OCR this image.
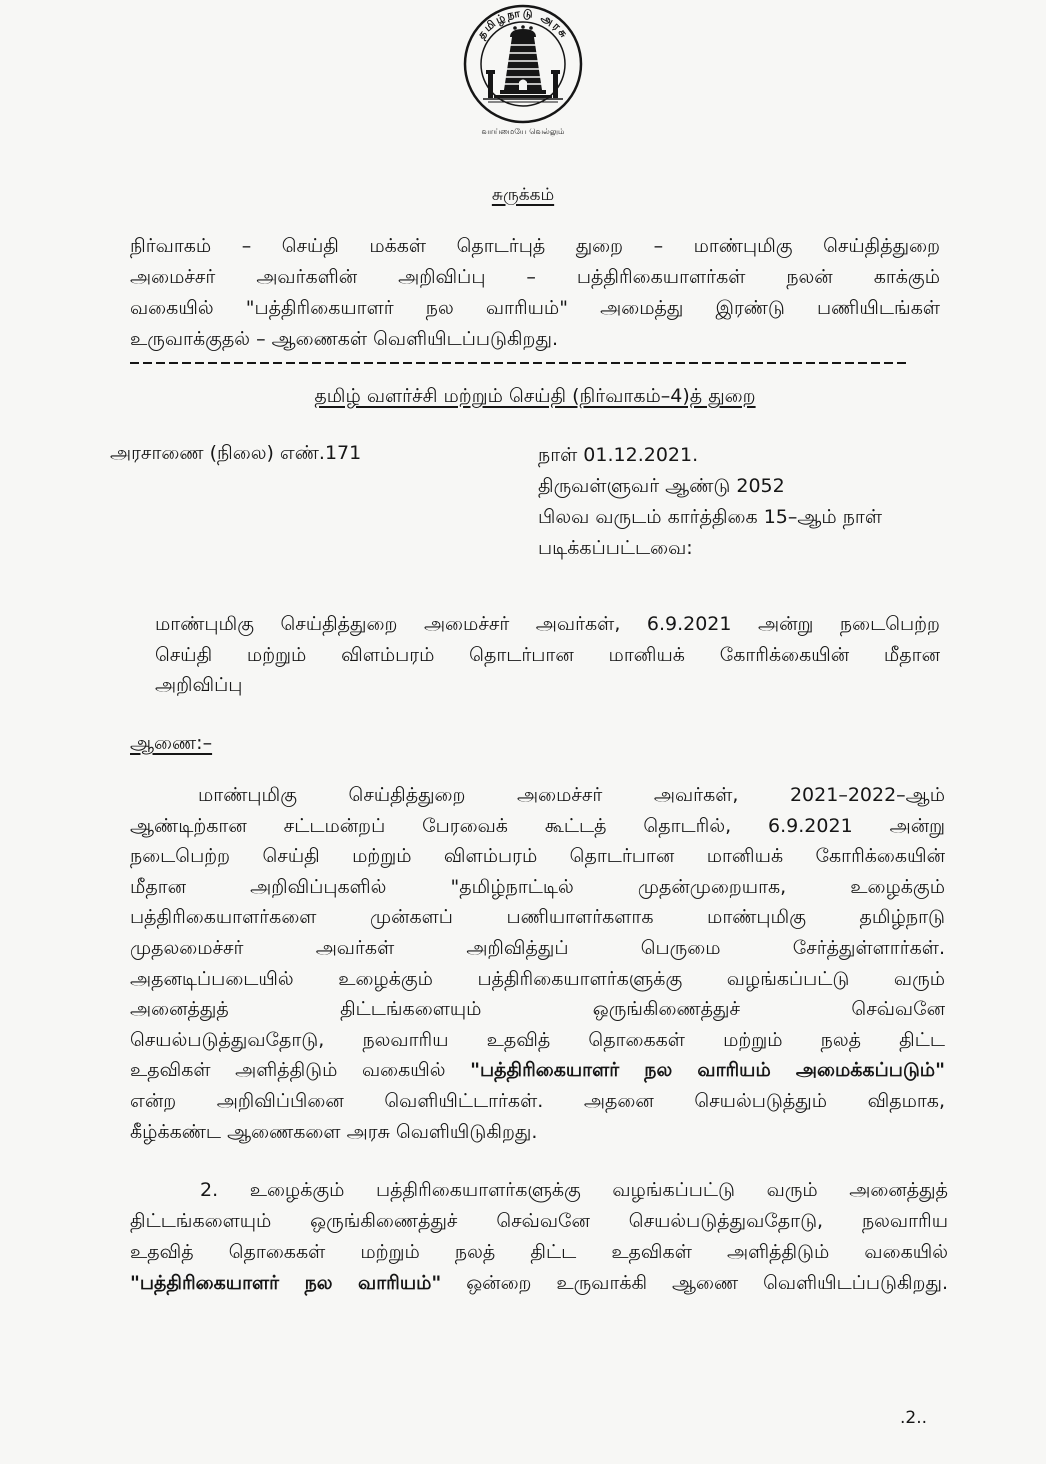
தமிழ்நாடு அரசு
வாய்மையே வெல்லும்
சுருக்கம்
நிர்வாகம் – செய்தி மக்கள் தொடர்புத் துறை – மாண்புமிகு செய்தித்துறை
அமைச்சர் அவர்களின் அறிவிப்பு – பத்திரிகையாளர்கள் நலன் காக்கும்
வகையில் "பத்திரிகையாளர் நல வாரியம்" அமைத்து இரண்டு பணியிடங்கள்
உருவாக்குதல் – ஆணைகள் வெளியிடப்படுகிறது.
தமிழ் வளர்ச்சி மற்றும் செய்தி (நிர்வாகம்–4)த் துறை
அரசாணை (நிலை) எண்.171	நாள் 01.12.2021.
திருவள்ளுவர் ஆண்டு 2052
பிலவ வருடம் கார்த்திகை 15–ஆம் நாள்
படிக்கப்பட்டவை:
மாண்புமிகு செய்தித்துறை அமைச்சர் அவர்கள், 6.9.2021 அன்று நடைபெற்ற
செய்தி மற்றும் விளம்பரம் தொடர்பான மானியக் கோரிக்கையின் மீதான
அறிவிப்பு
ஆணை:–
மாண்புமிகு செய்தித்துறை அமைச்சர் அவர்கள், 2021–2022–ஆம்
ஆண்டிற்கான சட்டமன்றப் பேரவைக் கூட்டத் தொடரில், 6.9.2021 அன்று
நடைபெற்ற செய்தி மற்றும் விளம்பரம் தொடர்பான மானியக் கோரிக்கையின்
மீதான அறிவிப்புகளில் "தமிழ்நாட்டில் முதன்முறையாக, உழைக்கும்
பத்திரிகையாளர்களை முன்களப் பணியாளர்களாக மாண்புமிகு தமிழ்நாடு
முதலமைச்சர் அவர்கள் அறிவித்துப் பெருமை சேர்த்துள்ளார்கள்.
அதனடிப்படையில் உழைக்கும் பத்திரிகையாளர்களுக்கு வழங்கப்பட்டு வரும்
அனைத்துத் திட்டங்களையும் ஒருங்கிணைத்துச் செவ்வனே
செயல்படுத்துவதோடு, நலவாரிய உதவித் தொகைகள் மற்றும் நலத் திட்ட
உதவிகள் அளித்திடும் வகையில் "பத்திரிகையாளர் நல வாரியம் அமைக்கப்படும்"
என்ற அறிவிப்பினை வெளியிட்டார்கள். அதனை செயல்படுத்தும் விதமாக,
கீழ்க்கண்ட ஆணைகளை அரசு வெளியிடுகிறது.
2. உழைக்கும் பத்திரிகையாளர்களுக்கு வழங்கப்பட்டு வரும் அனைத்துத்
திட்டங்களையும் ஒருங்கிணைத்துச் செவ்வனே செயல்படுத்துவதோடு, நலவாரிய
உதவித் தொகைகள் மற்றும் நலத் திட்ட உதவிகள் அளித்திடும் வகையில்
"பத்திரிகையாளர் நல வாரியம்" ஒன்றை உருவாக்கி ஆணை வெளியிடப்படுகிறது.
.2..
